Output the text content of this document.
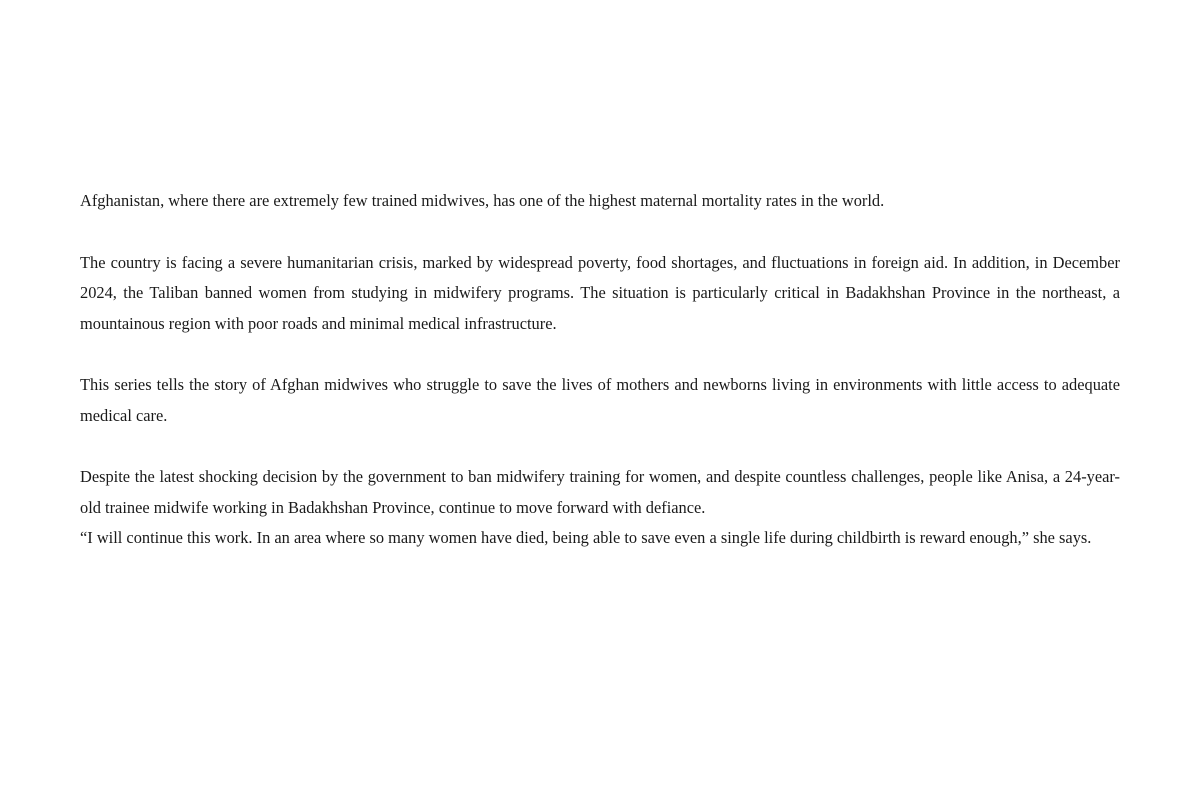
Afghanistan, where there are extremely few trained midwives, has one of the highest maternal mortality rates in the world.

The country is facing a severe humanitarian crisis, marked by widespread poverty, food shortages, and fluctuations in foreign aid. In addition, in December 2024, the Taliban banned women from studying in midwifery programs. The situation is particularly critical in Badakhshan Province in the northeast, a mountainous region with poor roads and minimal medical infrastructure.

This series tells the story of Afghan midwives who struggle to save the lives of mothers and newborns living in environments with little access to adequate medical care.

Despite the latest shocking decision by the government to ban midwifery training for women, and despite countless challenges, people like Anisa, a 24-year-old trainee midwife working in Badakhshan Province, continue to move forward with defiance.

“I will continue this work. In an area where so many women have died, being able to save even a single life during childbirth is reward enough,” she says.
